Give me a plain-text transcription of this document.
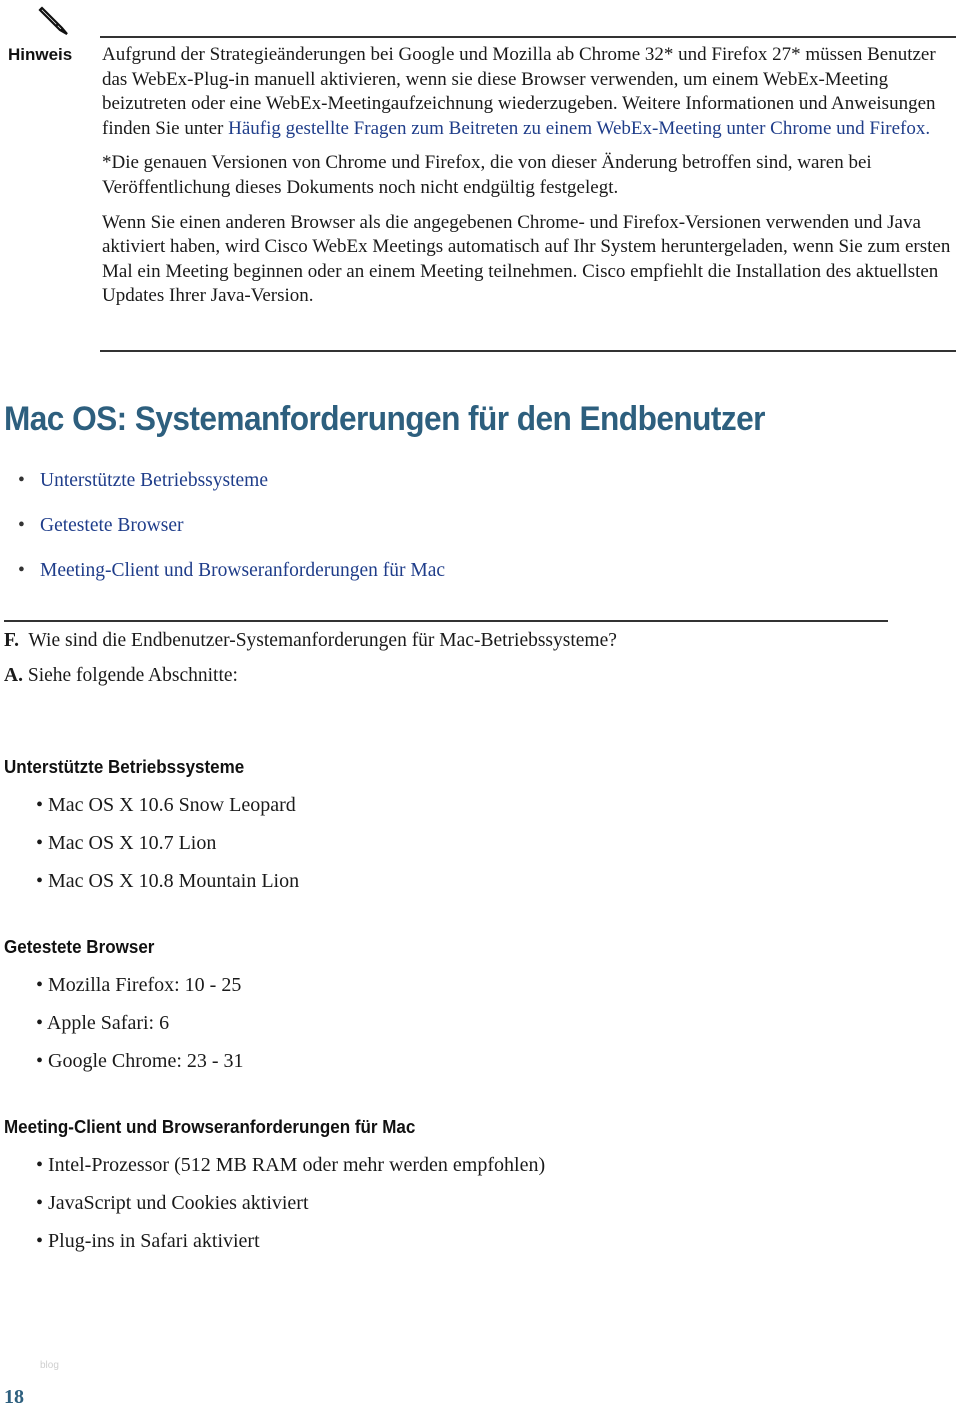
Hinweis Aufgrund der Strategieänderungen bei Google und Mozilla ab Chrome 32* und Firefox 27* müssen Benutzer das WebEx-Plug-in manuell aktivieren, wenn sie diese Browser verwenden, um einem WebEx-Meeting beizutreten oder eine WebEx-Meetingaufzeichnung wiederzugeben. Weitere Informationen und Anweisungen finden Sie unter Häufig gestellte Fragen zum Beitreten zu einem WebEx-Meeting unter Chrome und Firefox.

*Die genauen Versionen von Chrome und Firefox, die von dieser Änderung betroffen sind, waren bei Veröffentlichung dieses Dokuments noch nicht endgültig festgelegt.

Wenn Sie einen anderen Browser als die angegebenen Chrome- und Firefox-Versionen verwenden und Java aktiviert haben, wird Cisco WebEx Meetings automatisch auf Ihr System heruntergeladen, wenn Sie zum ersten Mal ein Meeting beginnen oder an einem Meeting teilnehmen. Cisco empfiehlt die Installation des aktuellsten Updates Ihrer Java-Version.

Mac OS: Systemanforderungen für den Endbenutzer
• Unterstützte Betriebssysteme
• Getestete Browser
• Meeting-Client und Browseranforderungen für Mac
F. Wie sind die Endbenutzer-Systemanforderungen für Mac-Betriebssysteme?
A. Siehe folgende Abschnitte:
Unterstützte Betriebssysteme
• Mac OS X 10.6 Snow Leopard
• Mac OS X 10.7 Lion
• Mac OS X 10.8 Mountain Lion
Getestete Browser
• Mozilla Firefox: 10 - 25
• Apple Safari: 6
• Google Chrome: 23 - 31
Meeting-Client und Browseranforderungen für Mac
• Intel-Prozessor (512 MB RAM oder mehr werden empfohlen)
• JavaScript und Cookies aktiviert
• Plug-ins in Safari aktiviert
blog
18
